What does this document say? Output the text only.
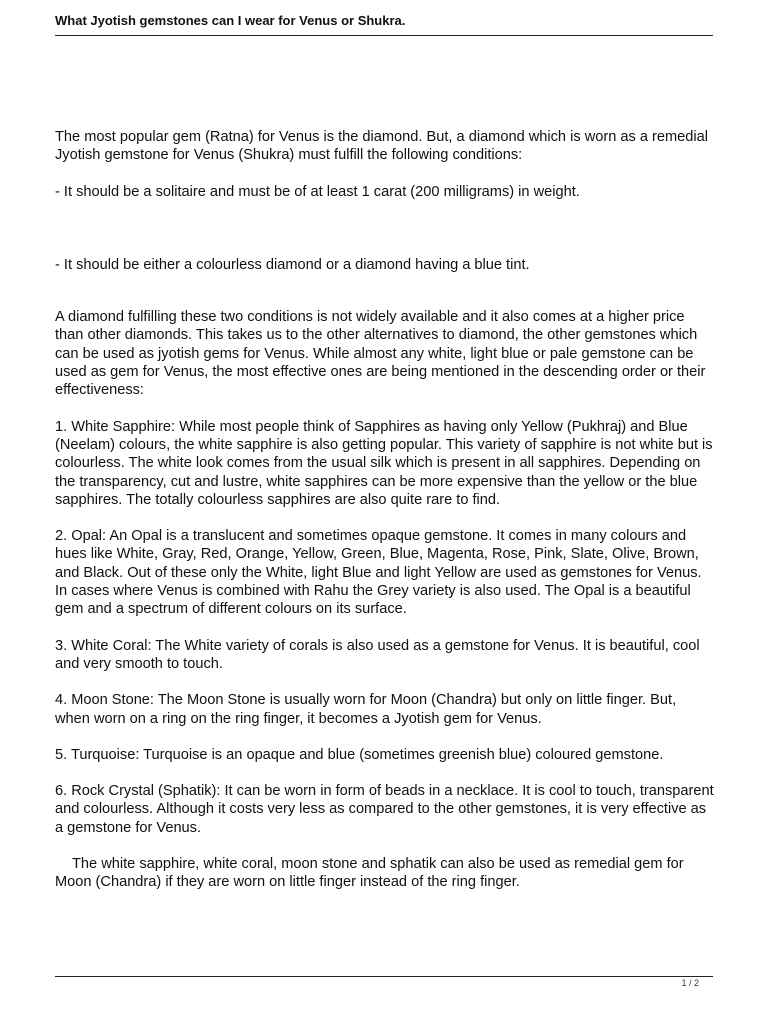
What Jyotish gemstones can I wear for Venus or Shukra.

The most popular gem (Ratna) for Venus is the diamond. But, a diamond which is worn as a remedial Jyotish gemstone for Venus (Shukra) must fulfill the following conditions:

- It should be a solitaire and must be of at least 1 carat (200 milligrams) in weight.

- It should be either a colourless diamond or a diamond having a blue tint.

A diamond fulfilling these two conditions is not widely available and it also comes at a higher price than other diamonds. This takes us to the other alternatives to diamond, the other gemstones which can be used as jyotish gems for Venus. While almost any white, light blue or pale gemstone can be used as gem for Venus, the most effective ones are being mentioned in the descending order or their effectiveness:

1. White Sapphire: While most people think of Sapphires as having only Yellow (Pukhraj) and Blue (Neelam) colours, the white sapphire is also getting popular. This variety of sapphire is not white but is colourless. The white look comes from the usual silk which is present in all sapphires. Depending on the transparency, cut and lustre, white sapphires can be more expensive than the yellow or the blue sapphires. The totally colourless sapphires are also quite rare to find.

2. Opal: An Opal is a translucent and sometimes opaque gemstone. It comes in many colours and hues like White, Gray, Red, Orange, Yellow, Green, Blue, Magenta, Rose, Pink, Slate, Olive, Brown, and Black. Out of these only the White, light Blue and light Yellow are used as gemstones for Venus. In cases where Venus is combined with Rahu the Grey variety is also used. The Opal is a beautiful gem and a spectrum of different colours on its surface.

3. White Coral: The White variety of corals is also used as a gemstone for Venus. It is beautiful, cool and very smooth to touch.

4. Moon Stone: The Moon Stone is usually worn for Moon (Chandra) but only on little finger. But, when worn on a ring on the ring finger, it becomes a Jyotish gem for Venus.

5. Turquoise: Turquoise is an opaque and blue (sometimes greenish blue) coloured gemstone.

6. Rock Crystal (Sphatik): It can be worn in form of beads in a necklace. It is cool to touch, transparent and colourless. Although it costs very less as compared to the other gemstones, it is very effective as a gemstone for Venus.

The white sapphire, white coral, moon stone and sphatik can also be used as remedial gem for Moon (Chandra) if they are worn on little finger instead of the ring finger.

1 / 2
